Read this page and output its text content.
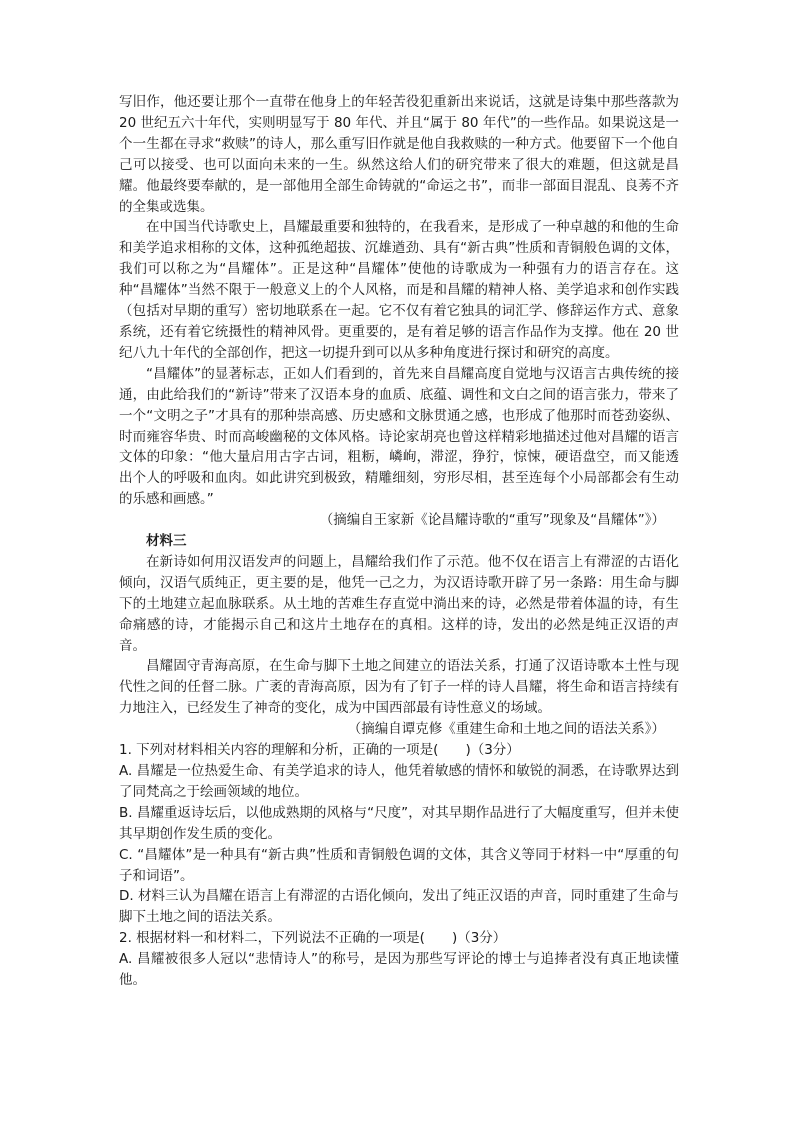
写旧作，他还要让那个一直带在他身上的年轻苦役犯重新出来说话，这就是诗集中那些落款为 20 世纪五六十年代，实则明显写于 80 年代、并且“属于 80 年代”的一些作品。如果说这是一个一生都在寻求“救赎”的诗人，那么重写旧作就是他自我救赎的一种方式。他要留下一个他自己可以接受、也可以面向未来的一生。纵然这给人们的研究带来了很大的难题，但这就是昌耀。他最终要奉献的，是一部他用全部生命铸就的“命运之书”，而非一部面目混乱、良莠不齐的全集或选集。

在中国当代诗歌史上，昌耀最重要和独特的，在我看来，是形成了一种卓越的和他的生命和美学追求相称的文体，这种孤绝超拔、沉雄遒劲、具有“新古典”性质和青铜般色调的文体，我们可以称之为“昌耀体”。正是这种“昌耀体”使他的诗歌成为一种强有力的语言存在。这种“昌耀体”当然不限于一般意义上的个人风格，而是和昌耀的精神人格、美学追求和创作实践（包括对早期的重写）密切地联系在一起。它不仅有着它独具的词汇学、修辞运作方式、意象系统，还有着它统摄性的精神风骨。更重要的，是有着足够的语言作品作为支撑。他在 20 世纪八九十年代的全部创作，把这一切提升到可以从多种角度进行探讨和研究的高度。

“昌耀体”的显著标志，正如人们看到的，首先来自昌耀高度自觉地与汉语言古典传统的接通，由此给我们的“新诗”带来了汉语本身的血质、底蕴、调性和文白之间的语言张力，带来了一个“文明之子”才具有的那种崇高感、历史感和文脉贯通之感，也形成了他那时而苍劲姿纵、时而雍容华贵、时而高峻幽秘的文体风格。诗论家胡亮也曾这样精彩地描述过他对昌耀的语言文体的印象：“他大量启用古字古词，粗粝，嶙峋，滞涩，狰狞，惊悚，硬语盘空，而又能透出个人的呼吸和血肉。如此讲究到极致，精雕细刻，穷形尽相，甚至连每个小局部都会有生动的乐感和画感。”

（摘编自王家新《论昌耀诗歌的“重写”现象及“昌耀体”》）

材料三

在新诗如何用汉语发声的问题上，昌耀给我们作了示范。他不仅在语言上有滞涩的古语化倾向，汉语气质纯正，更主要的是，他凭一己之力，为汉语诗歌开辟了另一条路：用生命与脚下的土地建立起血脉联系。从土地的苦难生存直觉中淌出来的诗，必然是带着体温的诗，有生命痛感的诗，才能揭示自己和这片土地存在的真相。这样的诗，发出的必然是纯正汉语的声音。

昌耀固守青海高原，在生命与脚下土地之间建立的语法关系，打通了汉语诗歌本土性与现代性之间的任督二脉。广袤的青海高原，因为有了钉子一样的诗人昌耀，将生命和语言持续有力地注入，已经发生了神奇的变化，成为中国西部最有诗性意义的场域。

（摘编自谭克修《重建生命和土地之间的语法关系》）

1. 下列对材料相关内容的理解和分析，正确的一项是(　　)（3分）

A. 昌耀是一位热爱生命、有美学追求的诗人，他凭着敏感的情怀和敏锐的洞悉，在诗歌界达到了同梵高之于绘画领域的地位。

B. 昌耀重返诗坛后，以他成熟期的风格与“尺度”，对其早期作品进行了大幅度重写，但并未使其早期创作发生质的变化。

C. “昌耀体”是一种具有“新古典”性质和青铜般色调的文体，其含义等同于材料一中“厚重的句子和词语”。

D. 材料三认为昌耀在语言上有滞涩的古语化倾向，发出了纯正汉语的声音，同时重建了生命与脚下土地之间的语法关系。

2. 根据材料一和材料二，下列说法不正确的一项是(　　)（3分）

A. 昌耀被很多人冠以“悲情诗人”的称号，是因为那些写评论的博士与追捧者没有真正地读懂他。
